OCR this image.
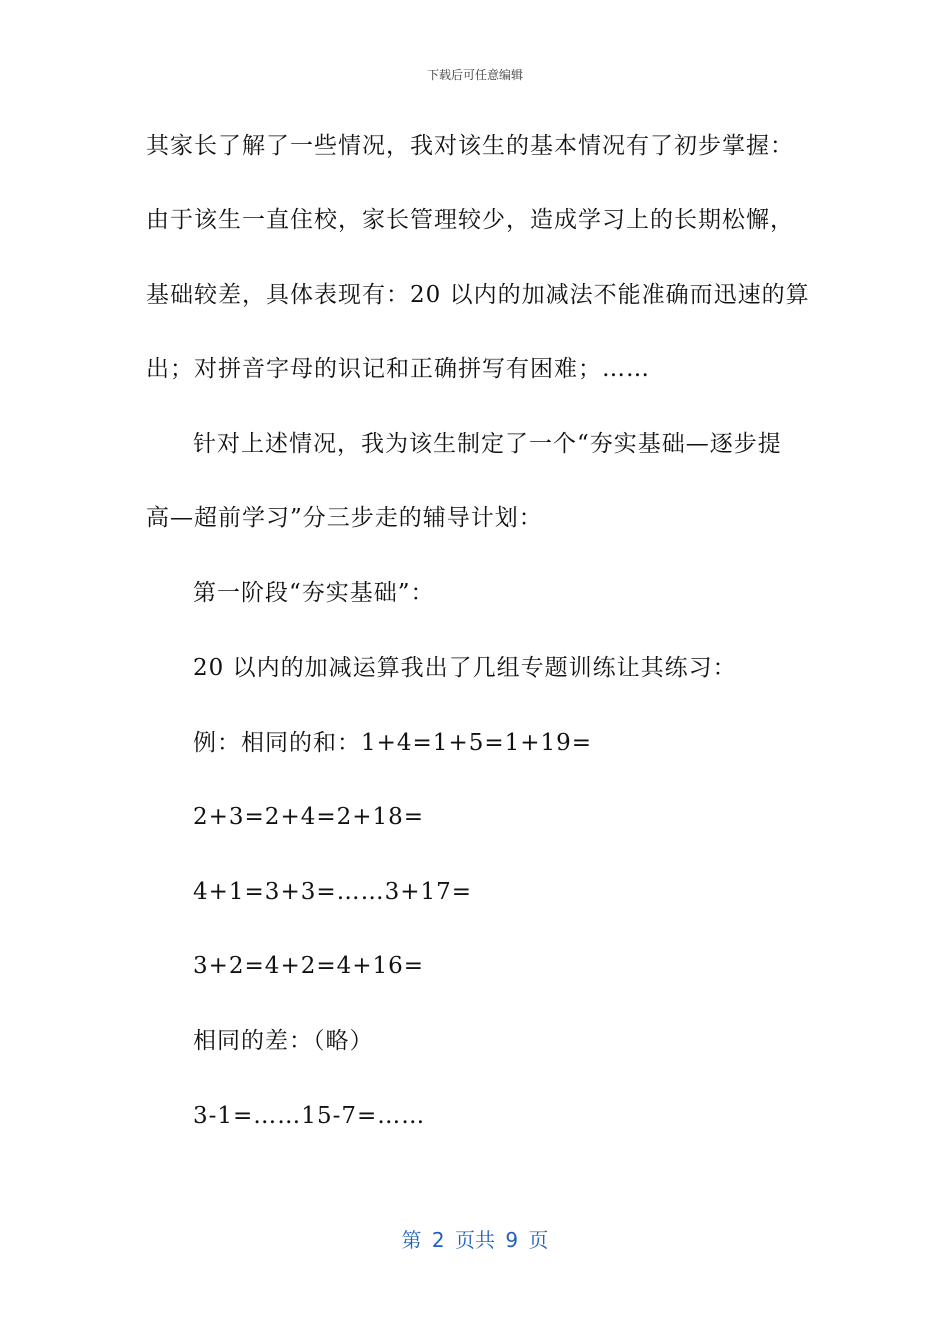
下载后可任意编辑
其家长了解了一些情况，我对该生的基本情况有了初步掌握：
由于该生一直住校，家长管理较少，造成学习上的长期松懈，
基础较差，具体表现有：20 以内的加减法不能准确而迅速的算
出；对拼音字母的识记和正确拼写有困难；……
针对上述情况，我为该生制定了一个“夯实基础—逐步提
高—超前学习”分三步走的辅导计划：
第一阶段“夯实基础”：
20 以内的加减运算我出了几组专题训练让其练习：
例：相同的和：1+4=1+5=1+19=
2+3=2+4=2+18=
4+1=3+3=……3+17=
3+2=4+2=4+16=
相同的差：（略）
3-1=……15-7=……
第 2 页共 9 页
